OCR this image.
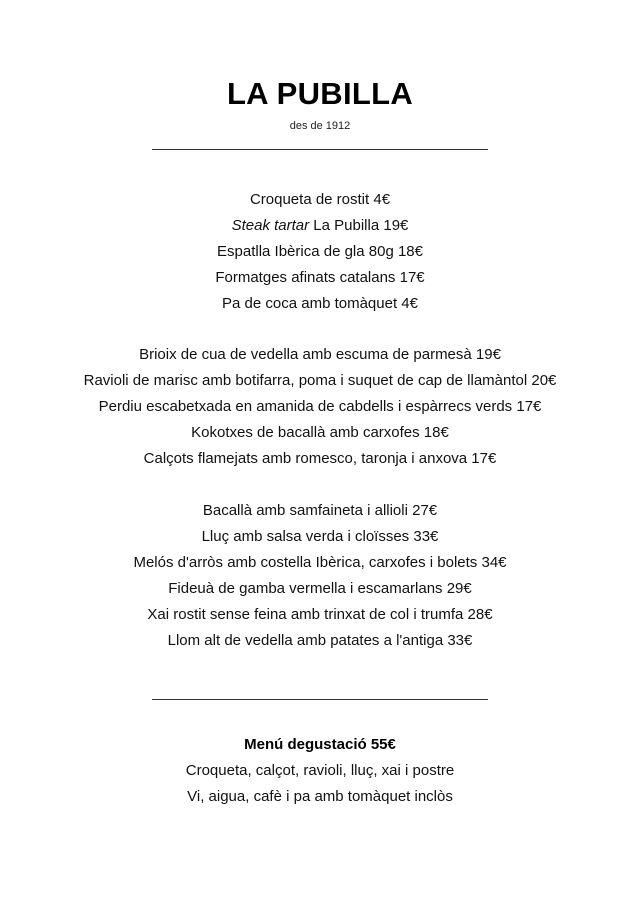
LA PUBILLA
des de 1912
Croqueta de rostit 4€
Steak tartar La Pubilla 19€
Espatlla Ibèrica de gla 80g 18€
Formatges afinats catalans 17€
Pa de coca amb tomàquet 4€
Brioix de cua de vedella amb escuma de parmesà 19€
Ravioli de marisc amb botifarra, poma i suquet de cap de llamàntol 20€
Perdiu escabetxada en amanida de cabdells i espàrrecs verds 17€
Kokotxes de bacallà amb carxofes 18€
Calçots flamejats amb romesco, taronja i anxova 17€
Bacallà amb samfaineta i allioli 27€
Lluç amb salsa verda i cloïsses 33€
Melós d'arròs amb costella Ibèrica, carxofes i bolets 34€
Fideuà de gamba vermella i escamarlans 29€
Xai rostit sense feina amb trinxat de col i trumfa 28€
Llom alt de vedella amb patates a l'antiga 33€
Menú degustació 55€
Croqueta, calçot, ravioli, lluç, xai i postre
Vi, aigua, cafè i pa amb tomàquet inclòs
